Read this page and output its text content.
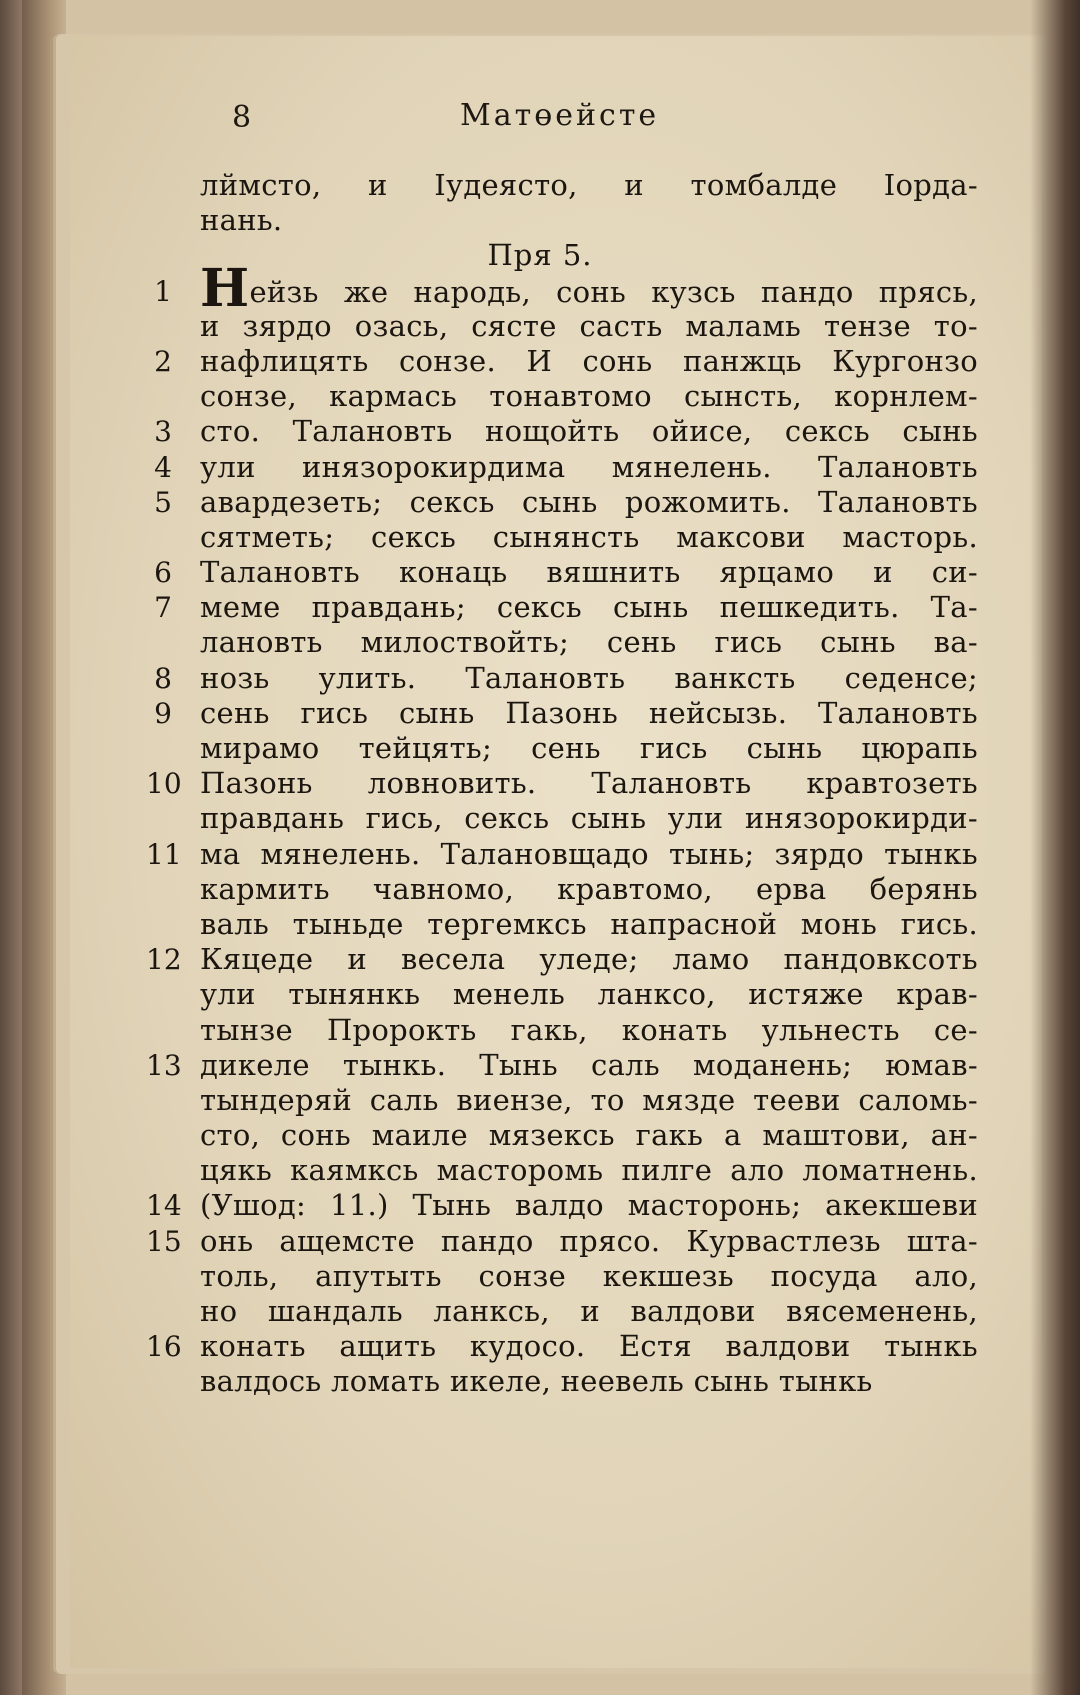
8	Матөейсте
лймсто, и Іудеясто, и томбалде Іорда-
нань.
Пря 5.
1 Нейзь же народь, сонь кузсь пандо прясь,
и зярдо озась, сясте састь маламь тензе то-
2 нафлицять сонзе. И сонь панжць Кургонзо
сонзе, кармась тонавтомо сынсть, корнлем-
3 сто. Талановть нощойть ойисе, сексь сынь
4 ули инязорокирдима мянелень. Талановть
5 авардезеть; сексь сынь рожомить. Талановть
сятметь; сексь сынянсть максови масторь.
6 Талановть конаць вяшнить ярцамо и си-
7 меме правдань; сексь сынь пешкедить. Та-
лановть милоствойть; сень гись сынь ва-
8 нозь улить. Талановть ванксть седенсе;
9 сень гись сынь Пазонь нейсызь. Талановть
мирамо тейцять; сень гись сынь цюрапь
10 Пазонь ловновить. Талановть кравтозеть
правдань гись, сексь сынь ули инязорокирди-
11 ма мянелень. Талановщадо тынь; зярдо тынкь
кармить чавномо, кравтомо, ерва берянь
валь тыньде тергемксь напрасной монь гись.
12 Кяцеде и весела уледе; ламо пандовксоть
ули тынянкь менель ланксо, истяже крав-
тынзе Пророкть гакь, конать ульнесть се-
13 дикеле тынкь. Тынь саль моданень; юмав-
тындеряй саль виензе, то мязде тееви саломь-
сто, сонь маиле мязексь гакь а маштови, ан-
цякь каямксь масторомь пилге ало ломатнень.
14 (Ушод: 11.) Тынь валдо масторонь; акекшеви
15 онь ащемсте пандо прясо. Курвастлезь шта-
толь, апутыть сонзе кекшезь посуда ало,
но шандаль ланксь, и валдови вясеменень,
16 конать ащить кудосо. Естя валдови тынкь
валдось ломать икеле, неевель сынь тынкь
